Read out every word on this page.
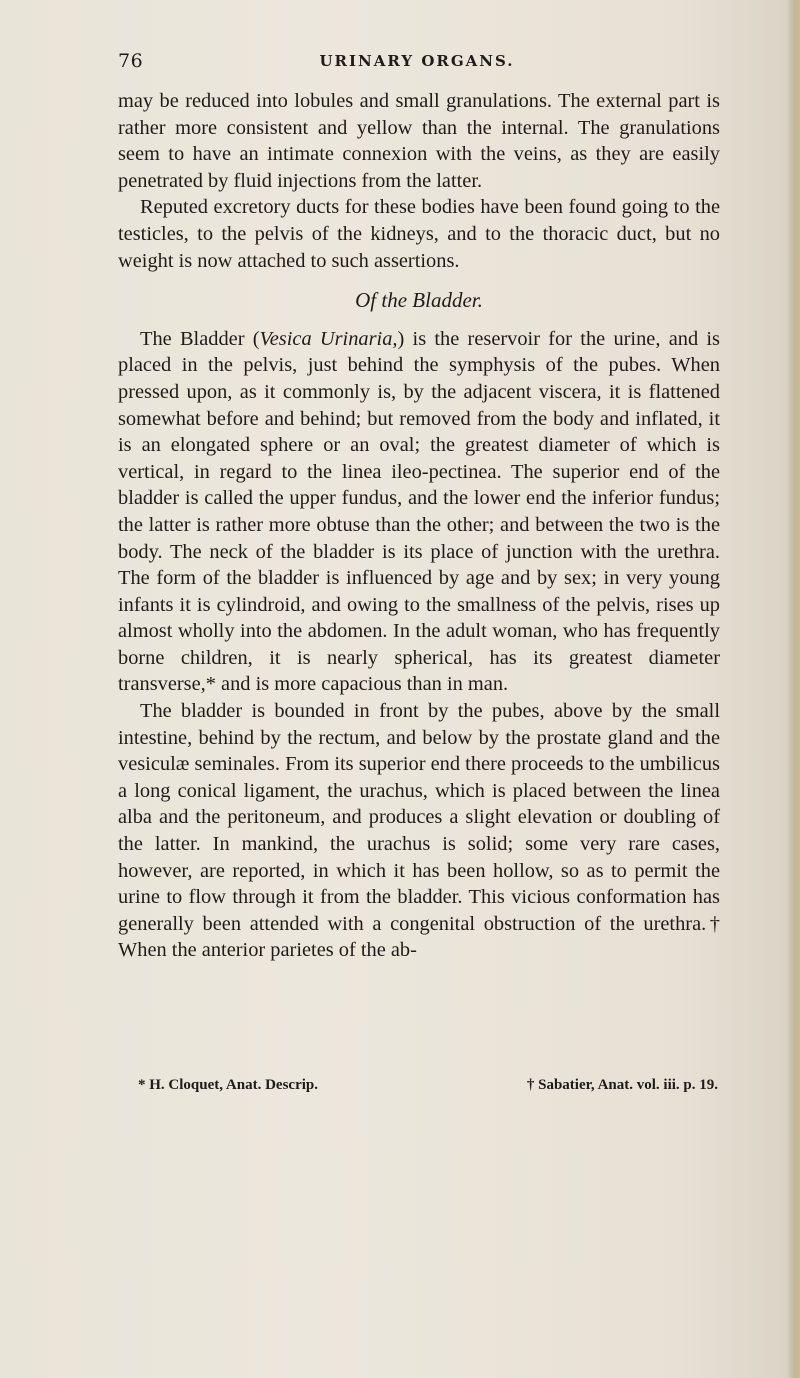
76	URINARY ORGANS.

may be reduced into lobules and small granulations. The external part is rather more consistent and yellow than the internal. The granulations seem to have an intimate connexion with the veins, as they are easily penetrated by fluid injections from the latter.

Reputed excretory ducts for these bodies have been found going to the testicles, to the pelvis of the kidneys, and to the thoracic duct, but no weight is now attached to such assertions.

Of the Bladder.

The Bladder (Vesica Urinaria,) is the reservoir for the urine, and is placed in the pelvis, just behind the symphysis of the pubes. When pressed upon, as it commonly is, by the adjacent viscera, it is flattened somewhat before and behind; but removed from the body and inflated, it is an elongated sphere or an oval; the greatest diameter of which is vertical, in regard to the linea ileo-pectinea. The superior end of the bladder is called the upper fundus, and the lower end the inferior fundus; the latter is rather more obtuse than the other; and between the two is the body. The neck of the bladder is its place of junction with the urethra. The form of the bladder is influenced by age and by sex; in very young infants it is cylindroid, and owing to the smallness of the pelvis, rises up almost wholly into the abdomen. In the adult woman, who has frequently borne children, it is nearly spherical, has its greatest diameter transverse,* and is more capacious than in man.

The bladder is bounded in front by the pubes, above by the small intestine, behind by the rectum, and below by the prostate gland and the vesiculæ seminales. From its superior end there proceeds to the umbilicus a long conical ligament, the urachus, which is placed between the linea alba and the peritoneum, and produces a slight elevation or doubling of the latter. In mankind, the urachus is solid; some very rare cases, however, are reported, in which it has been hollow, so as to permit the urine to flow through it from the bladder. This vicious conformation has generally been attended with a congenital obstruction of the urethra.† When the anterior parietes of the ab-

* H. Cloquet, Anat. Descrip.	† Sabatier, Anat. vol. iii. p. 19.
